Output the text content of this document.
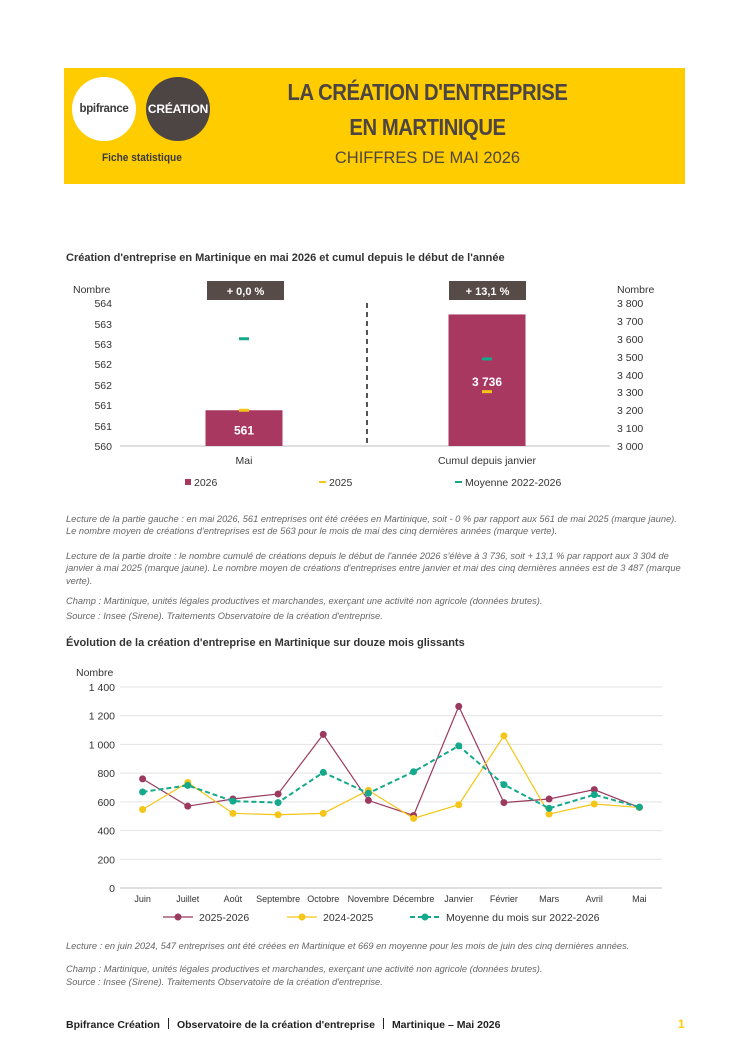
bpifrance CRÉATION
Fiche statistique
LA CRÉATION D'ENTREPRISE
EN MARTINIQUE
CHIFFRES DE MAI 2026
Création d'entreprise en Martinique en mai 2026 et cumul depuis le début de l'année
Nombre	Nombre
564
563
563
562
562
561
561
560
3 800
3 700
3 600
3 500
3 400
3 300
3 200
3 100
3 000
+ 0,0 %	+ 13,1 %
561
3 736
Mai	Cumul depuis janvier
2026	2025	Moyenne 2022-2026
Lecture de la partie gauche : en mai 2026, 561 entreprises ont été créées en Martinique, soit - 0 % par rapport aux 561 de mai 2025 (marque jaune). Le nombre moyen de créations d'entreprises est de 563 pour le mois de mai des cinq dernières années (marque verte).
Lecture de la partie droite : le nombre cumulé de créations depuis le début de l'année 2026 s'élève à 3 736, soit + 13,1 % par rapport aux 3 304 de janvier à mai 2025 (marque jaune). Le nombre moyen de créations d'entreprises entre janvier et mai des cinq dernières années est de 3 487 (marque verte).
Champ : Martinique, unités légales productives et marchandes, exerçant une activité non agricole (données brutes).
Source : Insee (Sirene). Traitements Observatoire de la création d'entreprise.
Évolution de la création d'entreprise en Martinique sur douze mois glissants
Nombre
0
200
400
600
800
1 000
1 200
1 400
Juin	Juillet	Août Septembre Octobre Novembre Décembre Janvier Février Mars	Avril	Mai
2025-2026	2024-2025	Moyenne du mois sur 2022-2026
Lecture : en juin 2024, 547 entreprises ont été créées en Martinique et 669 en moyenne pour les mois de juin des cinq dernières années.
Champ : Martinique, unités légales productives et marchandes, exerçant une activité non agricole (données brutes).
Source : Insee (Sirene). Traitements Observatoire de la création d'entreprise.
Bpifrance Création Observatoire de la création d'entreprise Martinique – Mai 2026	1
